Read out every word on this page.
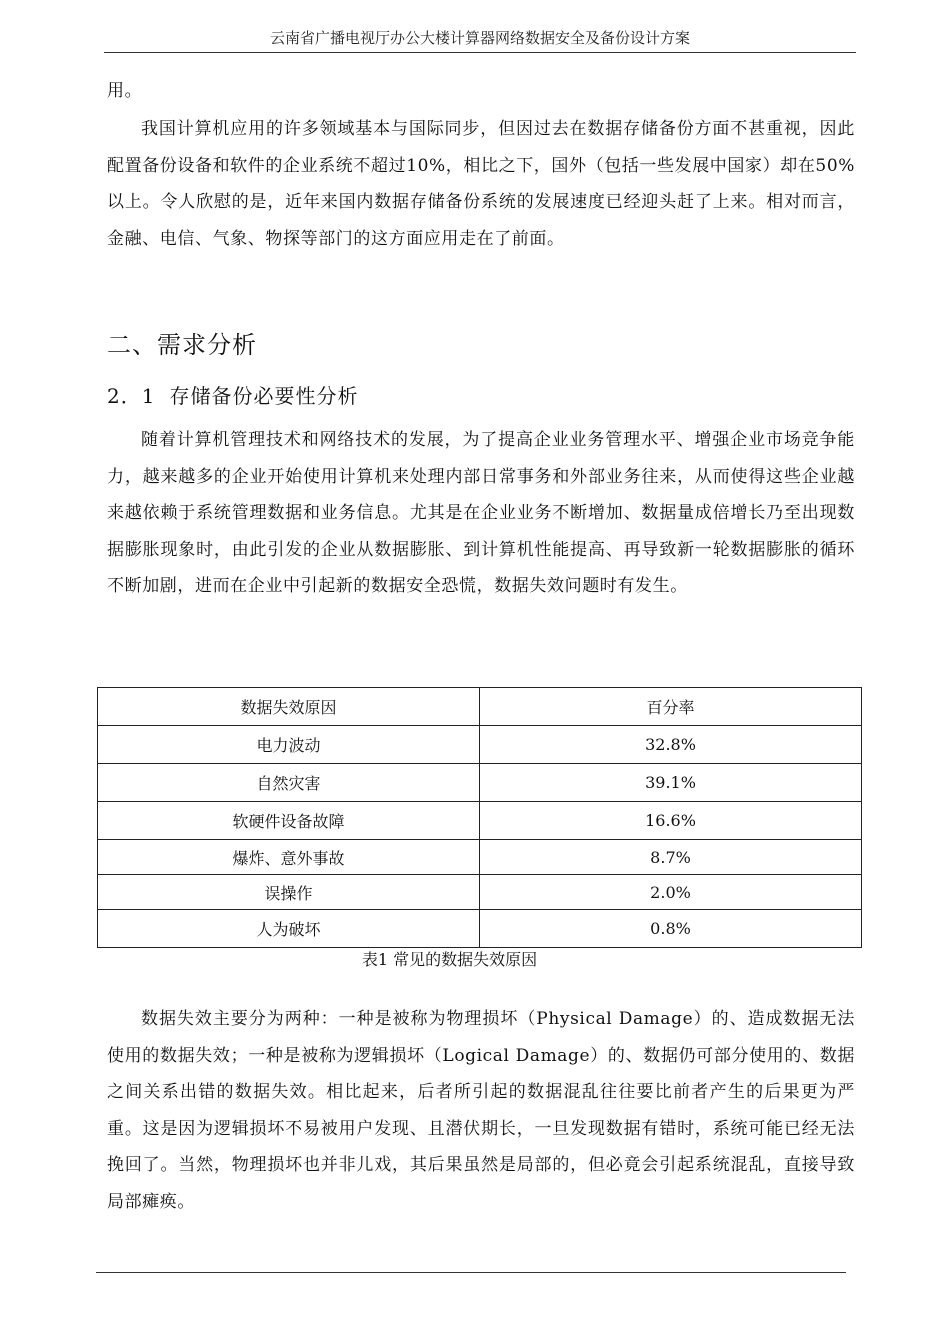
云南省广播电视厅办公大楼计算器网络数据安全及备份设计方案

用。

我国计算机应用的许多领域基本与国际同步，但因过去在数据存储备份方面不甚重视，因此配置备份设备和软件的企业系统不超过10%，相比之下，国外（包括一些发展中国家）却在50%以上。令人欣慰的是，近年来国内数据存储备份系统的发展速度已经迎头赶了上来。相对而言，金融、电信、气象、物探等部门的这方面应用走在了前面。

二、需求分析
2．1 存储备份必要性分析

随着计算机管理技术和网络技术的发展，为了提高企业业务管理水平、增强企业市场竞争能力，越来越多的企业开始使用计算机来处理内部日常事务和外部业务往来，从而使得这些企业越来越依赖于系统管理数据和业务信息。尤其是在企业业务不断增加、数据量成倍增长乃至出现数据膨胀现象时，由此引发的企业从数据膨胀、到计算机性能提高、再导致新一轮数据膨胀的循环不断加剧，进而在企业中引起新的数据安全恐慌，数据失效问题时有发生。

数据失效原因	百分率
电力波动	32.8%
自然灾害	39.1%
软硬件设备故障	16.6%
爆炸、意外事故	8.7%
误操作	2.0%
人为破坏	0.8%
表1 常见的数据失效原因

数据失效主要分为两种：一种是被称为物理损坏（Physical Damage）的、造成数据无法使用的数据失效；一种是被称为逻辑损坏（Logical Damage）的、数据仍可部分使用的、数据之间关系出错的数据失效。相比起来，后者所引起的数据混乱往往要比前者产生的后果更为严重。这是因为逻辑损坏不易被用户发现、且潜伏期长，一旦发现数据有错时，系统可能已经无法挽回了。当然，物理损坏也并非儿戏，其后果虽然是局部的，但必竟会引起系统混乱，直接导致局部瘫痪。
